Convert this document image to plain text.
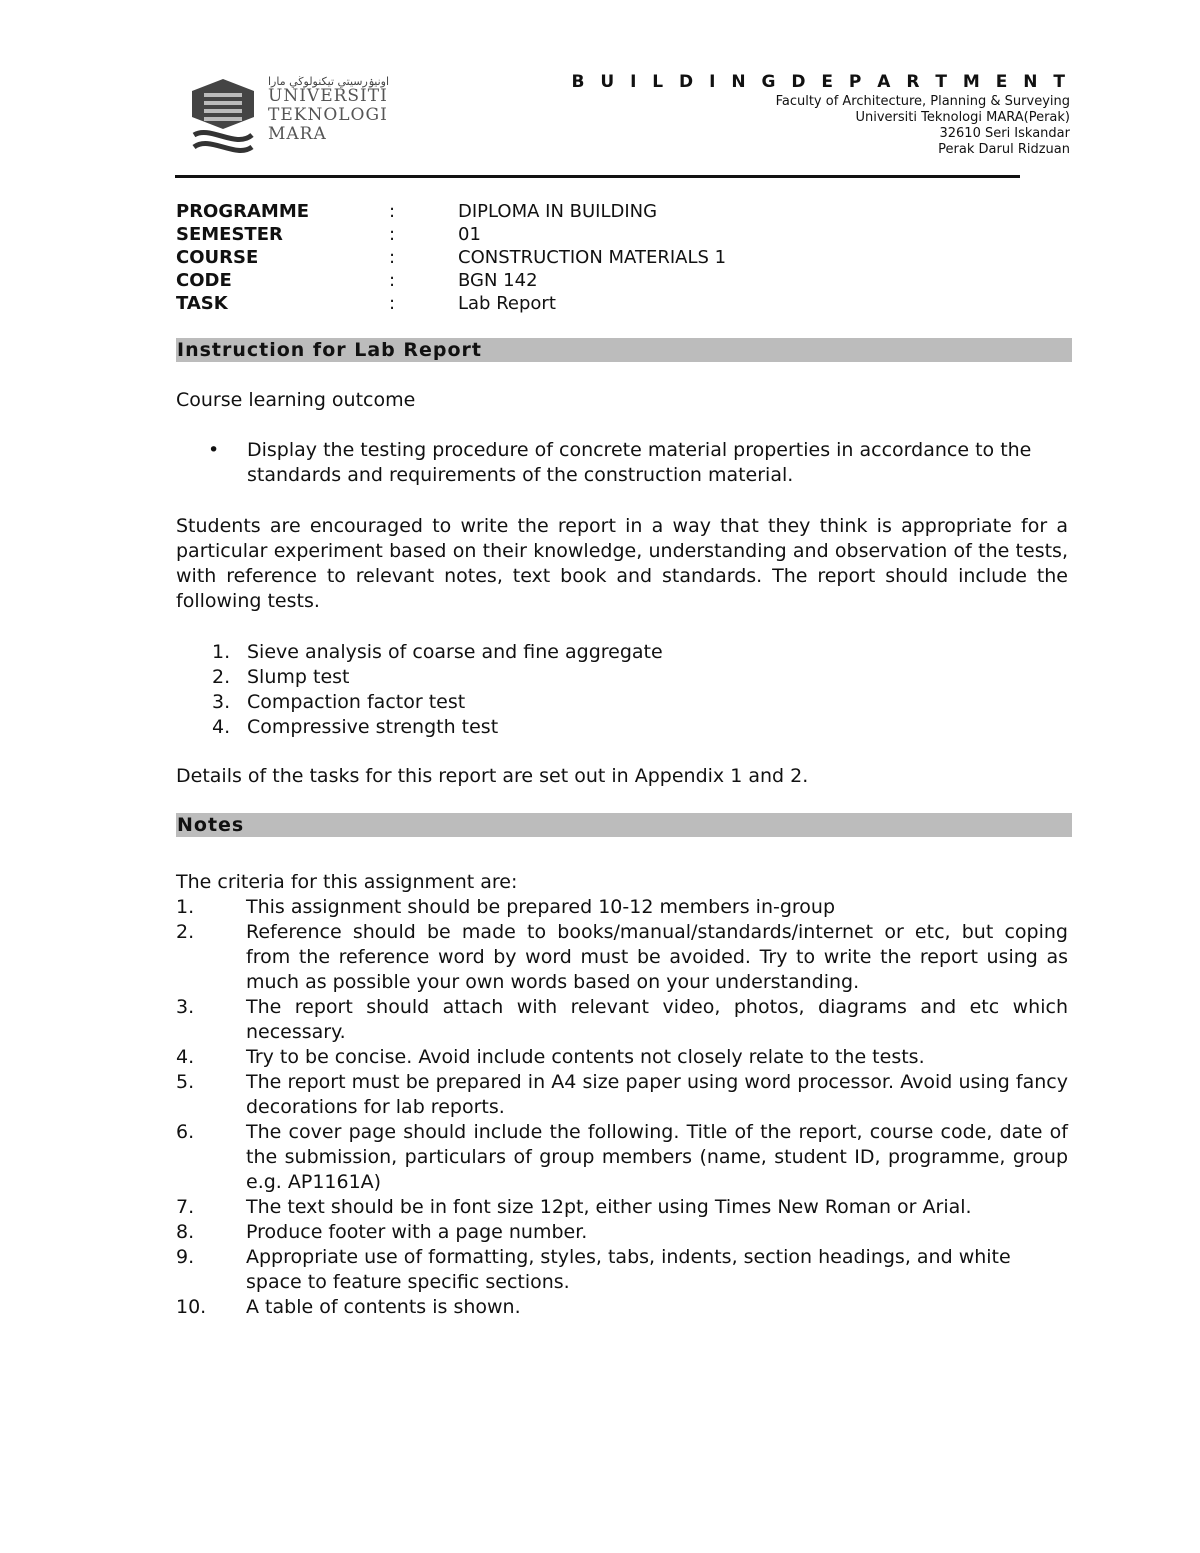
اونيۏرسيتي تيكنولوڬي مارا
UNIVERSITI
TEKNOLOGI
MARA
B U I L D I N G D E P A R T M E N T
Faculty of Architecture, Planning & Surveying
Universiti Teknologi MARA(Perak)
32610 Seri Iskandar
Perak Darul Ridzuan
PROGRAMME	:	DIPLOMA IN BUILDING
SEMESTER	:	01
COURSE	:	CONSTRUCTION MATERIALS 1
CODE	:	BGN 142
TASK	:	Lab Report
Instruction for Lab Report
Course learning outcome
• Display the testing procedure of concrete material properties in accordance to the standards and requirements of the construction material.
Students are encouraged to write the report in a way that they think is appropriate for a particular experiment based on their knowledge, understanding and observation of the tests, with reference to relevant notes, text book and standards. The report should include the following tests.
1. Sieve analysis of coarse and fine aggregate
2. Slump test
3. Compaction factor test
4. Compressive strength test
Details of the tasks for this report are set out in Appendix 1 and 2.
Notes
The criteria for this assignment are:
1.	This assignment should be prepared 10-12 members in-group
2.	Reference should be made to books/manual/standards/internet or etc, but coping from the reference word by word must be avoided. Try to write the report using as much as possible your own words based on your understanding.
3.	The report should attach with relevant video, photos, diagrams and etc which necessary.
4.	Try to be concise. Avoid include contents not closely relate to the tests.
5.	The report must be prepared in A4 size paper using word processor. Avoid using fancy decorations for lab reports.
6.	The cover page should include the following. Title of the report, course code, date of the submission, particulars of group members (name, student ID, programme, group e.g. AP1161A)
7.	The text should be in font size 12pt, either using Times New Roman or Arial.
8.	Produce footer with a page number.
9.	Appropriate use of formatting, styles, tabs, indents, section headings, and white space to feature specific sections.
10.	A table of contents is shown.
